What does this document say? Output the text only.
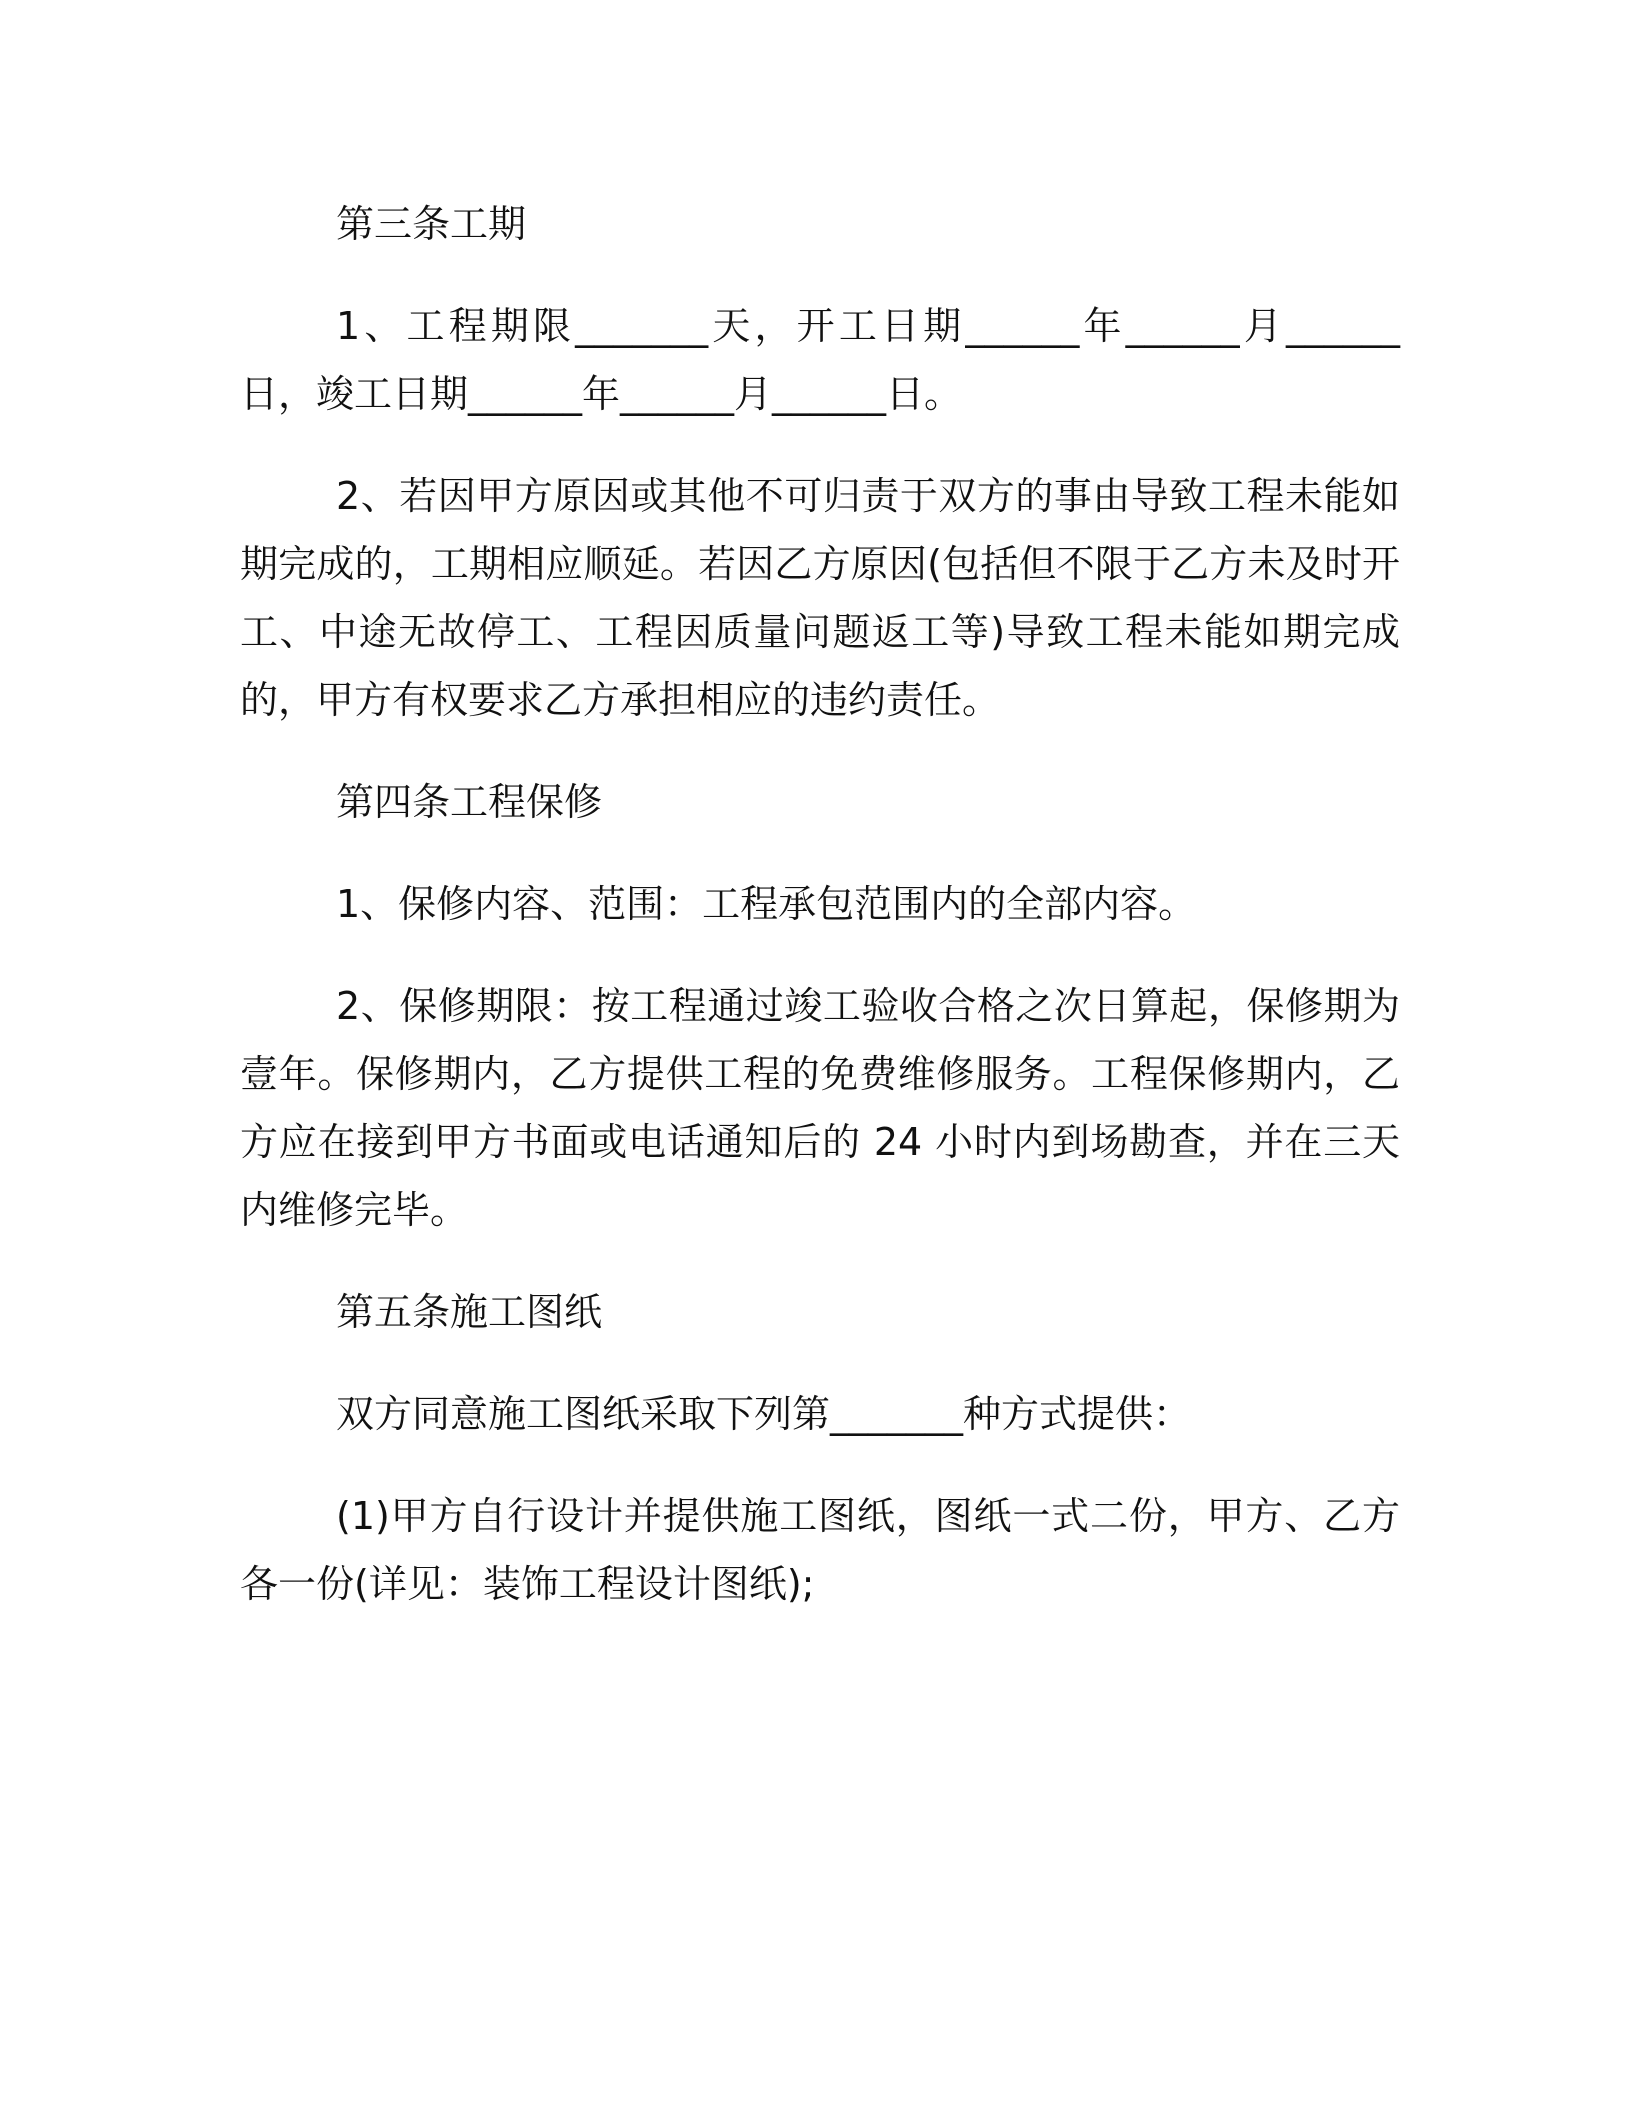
第三条工期

1、工程期限_______天，开工日期______年______月______日，竣工日期______年______月______日。

2、若因甲方原因或其他不可归责于双方的事由导致工程未能如期完成的，工期相应顺延。若因乙方原因(包括但不限于乙方未及时开工、中途无故停工、工程因质量问题返工等)导致工程未能如期完成的，甲方有权要求乙方承担相应的违约责任。

第四条工程保修

1、保修内容、范围：工程承包范围内的全部内容。

2、保修期限：按工程通过竣工验收合格之次日算起，保修期为壹年。保修期内，乙方提供工程的免费维修服务。工程保修期内，乙方应在接到甲方书面或电话通知后的 24 小时内到场勘查，并在三天内维修完毕。

第五条施工图纸

双方同意施工图纸采取下列第_______种方式提供：

(1)甲方自行设计并提供施工图纸，图纸一式二份，甲方、乙方各一份(详见：装饰工程设计图纸);
